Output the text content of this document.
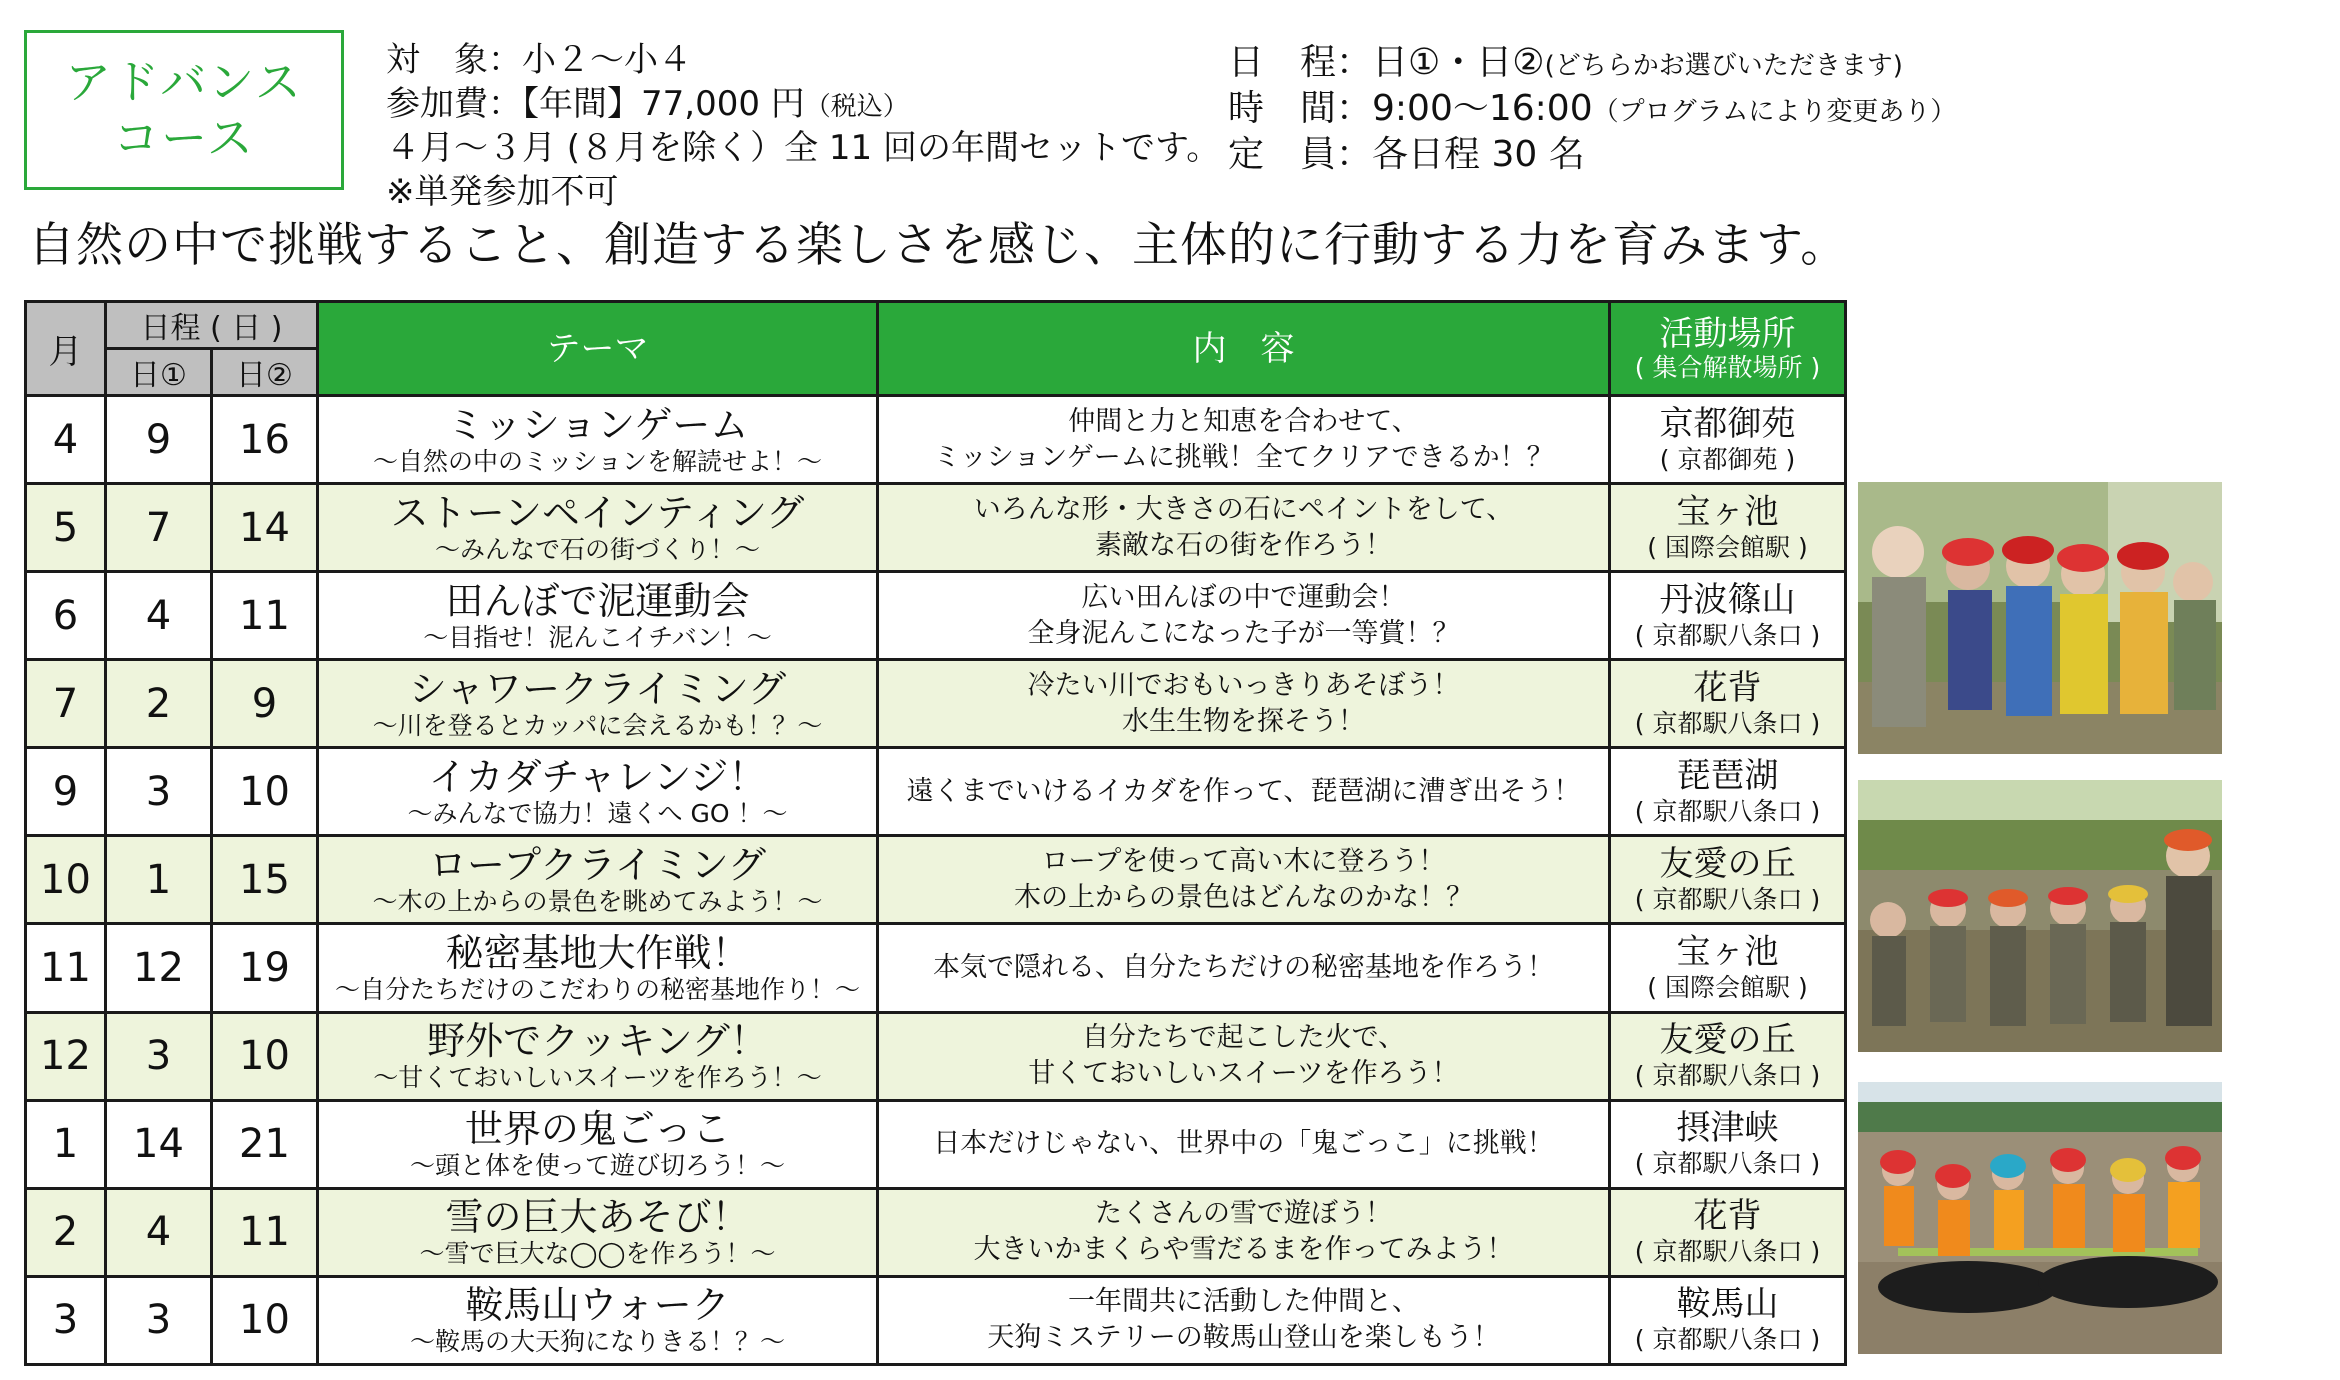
アドバンス
コース
対　象：小２〜小４
参加費：【年間】77,000 円（税込）
４月〜３月 (８月を除く）全 11 回の年間セットです。
※単発参加不可
日　程：日①・日②(どちらかお選びいただきます)
時　間：9:00〜16:00（プログラムにより変更あり）
定　員：各日程 30 名
自然の中で挑戦すること、創造する楽しさを感じ、主体的に行動する力を育みます。
月	日程 ( 日 )		テーマ	内　容	活動場所
( 集合解散場所 )

	日①	日②			
4	9	16	ミッションゲーム
〜自然の中のミッションを解読せよ！〜	仲間と力と知恵を合わせて、
ミッションゲームに挑戦！全てクリアできるか！？	京都御苑
( 京都御苑 )

5	7	14	ストーンペインティング
〜みんなで石の街づくり！〜	いろんな形・大きさの石にペイントをして、
素敵な石の街を作ろう！	宝ヶ池
( 国際会館駅 )

6	4	11	田んぼで泥運動会
〜目指せ！泥んこイチバン！〜	広い田んぼの中で運動会！
全身泥んこになった子が一等賞！？	丹波篠山
( 京都駅八条口 )

7	2	9	シャワークライミング
〜川を登るとカッパに会えるかも！？〜	冷たい川でおもいっきりあそぼう！
水生生物を探そう！	花背
( 京都駅八条口 )

9	3	10	イカダチャレンジ！
〜みんなで協力！遠くへ GO ！〜	遠くまでいけるイカダを作って、琵琶湖に漕ぎ出そう！	琵琶湖
( 京都駅八条口 )

10	1	15	ロープクライミング
〜木の上からの景色を眺めてみよう！〜	ロープを使って高い木に登ろう！
木の上からの景色はどんなのかな！？	友愛の丘
( 京都駅八条口 )

11	12	19	秘密基地大作戦！
〜自分たちだけのこだわりの秘密基地作り！〜	本気で隠れる、自分たちだけの秘密基地を作ろう！	宝ヶ池
( 国際会館駅 )

12	3	10	野外でクッキング！
〜甘くておいしいスイーツを作ろう！〜	自分たちで起こした火で、
甘くておいしいスイーツを作ろう！	友愛の丘
( 京都駅八条口 )

1	14	21	世界の鬼ごっこ
〜頭と体を使って遊び切ろう！〜	日本だけじゃない、世界中の「鬼ごっこ」に挑戦！	摂津峡
( 京都駅八条口 )

2	4	11	雪の巨大あそび！
〜雪で巨大な◯◯を作ろう！〜	たくさんの雪で遊ぼう！
大きいかまくらや雪だるまを作ってみよう！	花背
( 京都駅八条口 )

3	3	10	鞍馬山ウォーク
〜鞍馬の大天狗になりきる！？〜	一年間共に活動した仲間と、
天狗ミステリーの鞍馬山登山を楽しもう！	鞍馬山
( 京都駅八条口 )
